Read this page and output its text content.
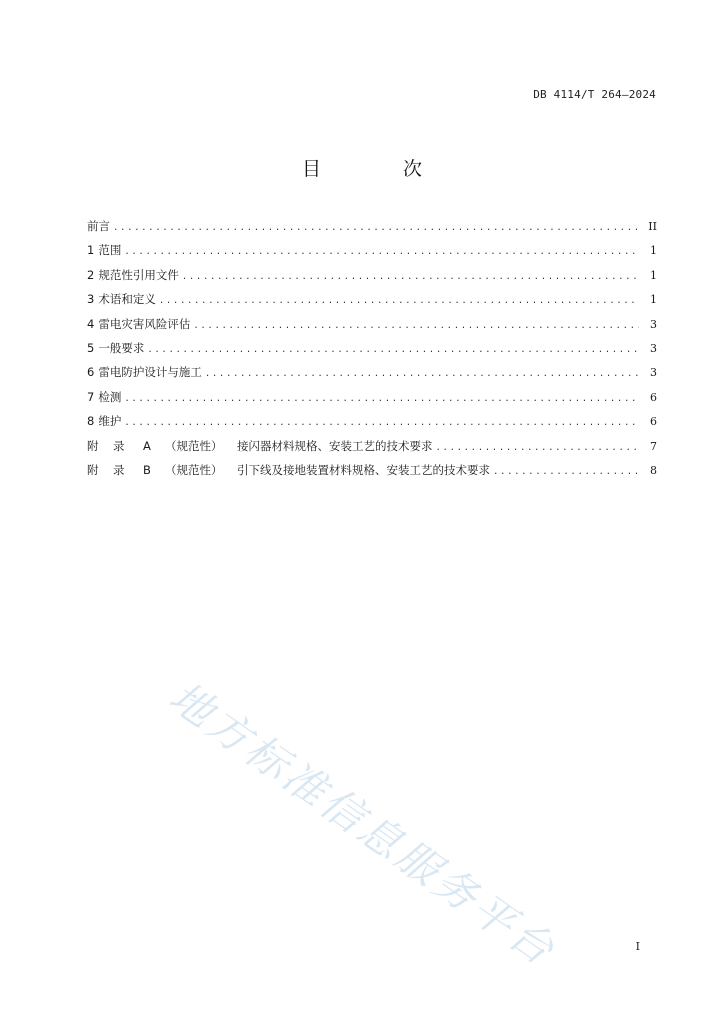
DB 4114/T 264—2024
目 次
前言 . . .	II
1 范围 . . .	1
2 规范性引用文件 . . .	1
3 术语和定义 . . .	1
4 雷电灾害风险评估 . . .	3
5 一般要求 . . .	3
6 雷电防护设计与施工 . . .	3
7 检测 . . .	6
8 维护 . . .	6
附 录 A （规范性） 接闪器材料规格、安装工艺的技术要求 . . .	7
附 录 B （规范性） 引下线及接地装置材料规格、安装工艺的技术要求 . . .	8
地方标准信息服务平台	I
